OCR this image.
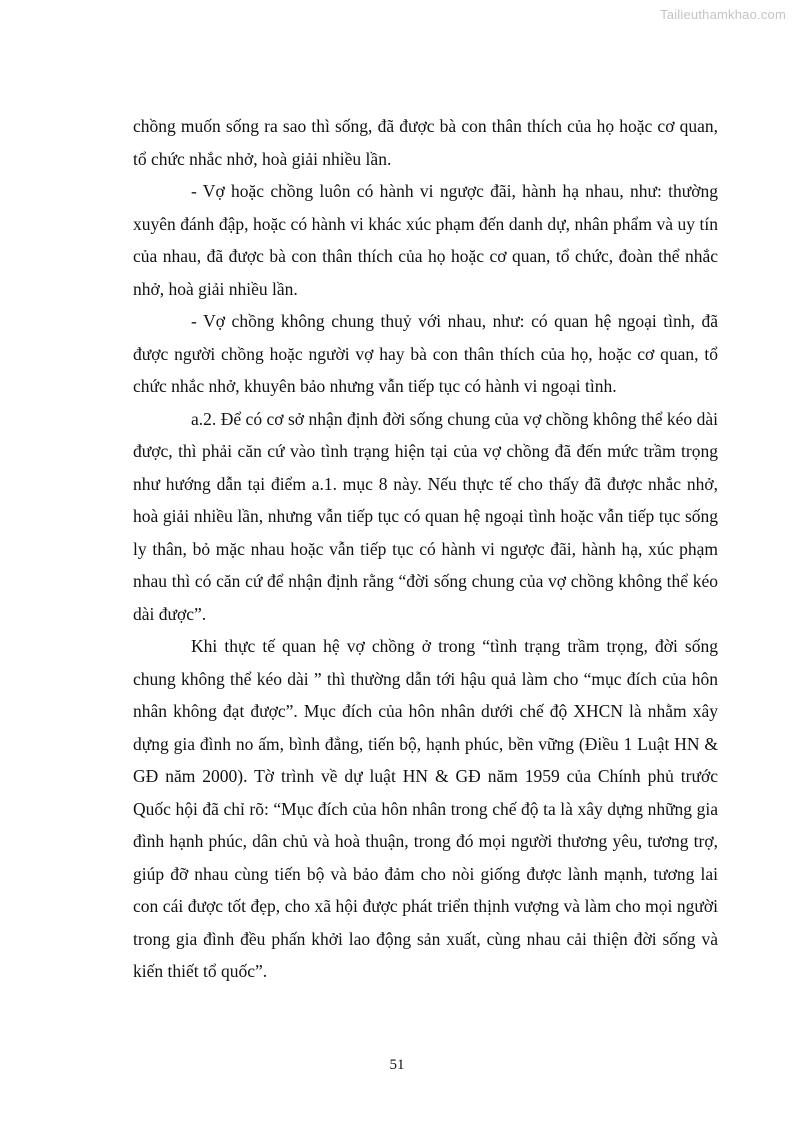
Tailieuthamkhao.com

chồng muốn sống ra sao thì sống, đã được bà con thân thích của họ hoặc cơ quan, tổ chức nhắc nhở, hoà giải nhiều lần.

- Vợ hoặc chồng luôn có hành vi ngược đãi, hành hạ nhau, như: thường xuyên đánh đập, hoặc có hành vi khác xúc phạm đến danh dự, nhân phẩm và uy tín của nhau, đã được bà con thân thích của họ hoặc cơ quan, tổ chức, đoàn thể nhắc nhở, hoà giải nhiều lần.

- Vợ chồng không chung thuỷ với nhau, như: có quan hệ ngoại tình, đã được người chồng hoặc người vợ hay bà con thân thích của họ, hoặc cơ quan, tổ chức nhắc nhở, khuyên bảo nhưng vẫn tiếp tục có hành vi ngoại tình.

a.2. Để có cơ sở nhận định đời sống chung của vợ chồng không thể kéo dài được, thì phải căn cứ vào tình trạng hiện tại của vợ chồng đã đến mức trầm trọng như hướng dẫn tại điểm a.1. mục 8 này. Nếu thực tế cho thấy đã được nhắc nhở, hoà giải nhiều lần, nhưng vẫn tiếp tục có quan hệ ngoại tình hoặc vẫn tiếp tục sống ly thân, bỏ mặc nhau hoặc vẫn tiếp tục có hành vi ngược đãi, hành hạ, xúc phạm nhau thì có căn cứ để nhận định rằng “đời sống chung của vợ chồng không thể kéo dài được”.

Khi thực tế quan hệ vợ chồng ở trong “tình trạng trầm trọng, đời sống chung không thể kéo dài ” thì thường dẫn tới hậu quả làm cho “mục đích của hôn nhân không đạt được”. Mục đích của hôn nhân dưới chế độ XHCN là nhằm xây dựng gia đình no ấm, bình đẳng, tiến bộ, hạnh phúc, bền vững (Điều 1 Luật HN & GĐ năm 2000). Tờ trình về dự luật HN & GĐ năm 1959 của Chính phủ trước Quốc hội đã chỉ rõ: “Mục đích của hôn nhân trong chế độ ta là xây dựng những gia đình hạnh phúc, dân chủ và hoà thuận, trong đó mọi người thương yêu, tương trợ, giúp đỡ nhau cùng tiến bộ và bảo đảm cho nòi giống được lành mạnh, tương lai con cái được tốt đẹp, cho xã hội được phát triển thịnh vượng và làm cho mọi người trong gia đình đều phấn khởi lao động sản xuất, cùng nhau cải thiện đời sống và kiến thiết tổ quốc”.

51
